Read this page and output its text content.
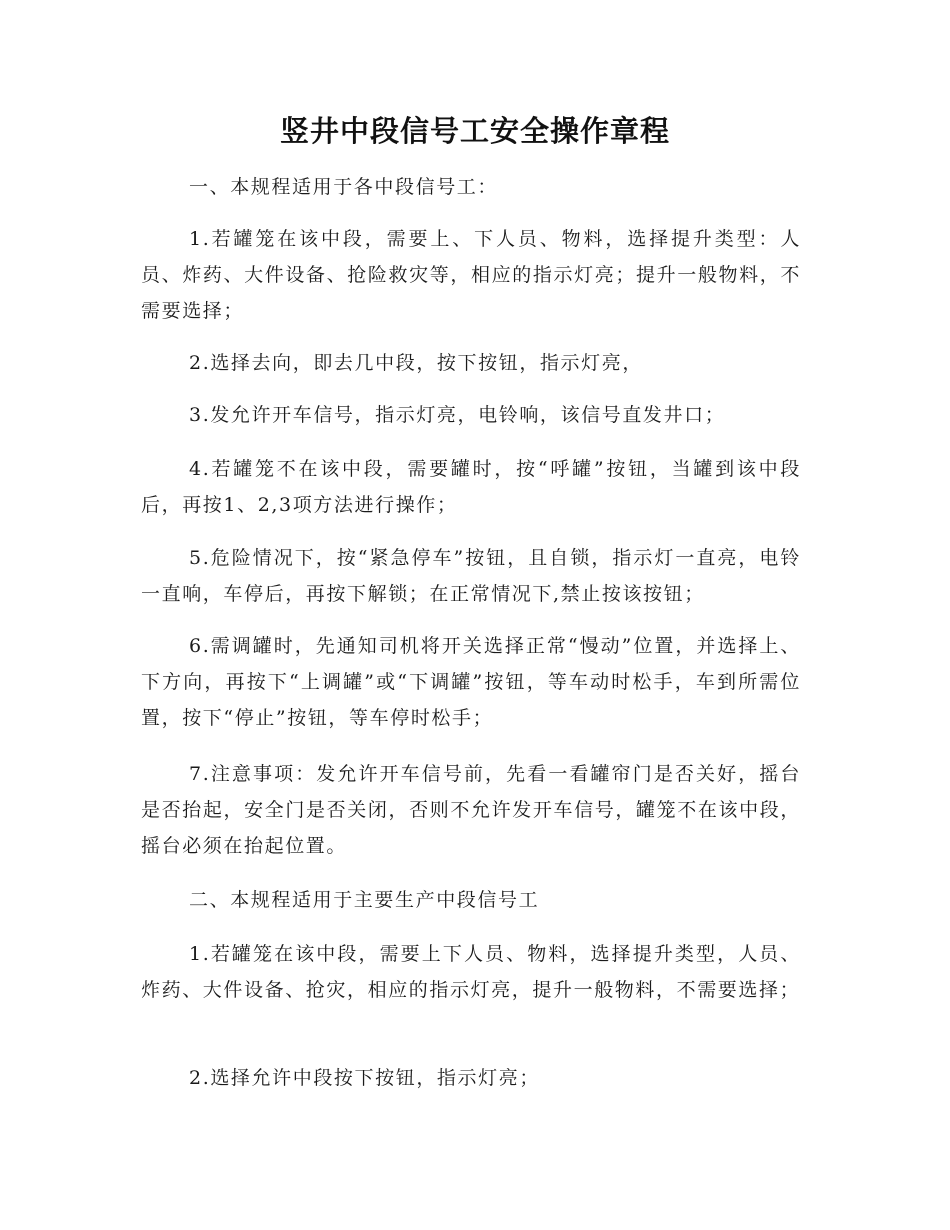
竖井中段信号工安全操作章程

一、本规程适用于各中段信号工：

1.若罐笼在该中段，需要上、下人员、物料，选择提升类型：人员、炸药、大件设备、抢险救灾等，相应的指示灯亮；提升一般物料，不需要选择；

2.选择去向，即去几中段，按下按钮，指示灯亮，

3.发允许开车信号，指示灯亮，电铃响，该信号直发井口；

4.若罐笼不在该中段，需要罐时，按“呼罐”按钮，当罐到该中段后，再按1、2,3项方法进行操作；

5.危险情况下，按“紧急停车”按钮，且自锁，指示灯一直亮，电铃一直响，车停后，再按下解锁；在正常情况下,禁止按该按钮；

6.需调罐时，先通知司机将开关选择正常“慢动”位置，并选择上、下方向，再按下“上调罐”或“下调罐”按钮，等车动时松手，车到所需位置，按下“停止”按钮，等车停时松手；

7.注意事项：发允许开车信号前，先看一看罐帘门是否关好，摇台是否抬起，安全门是否关闭，否则不允许发开车信号，罐笼不在该中段，摇台必须在抬起位置。

二、本规程适用于主要生产中段信号工

1.若罐笼在该中段，需要上下人员、物料，选择提升类型，人员、炸药、大件设备、抢灾，相应的指示灯亮，提升一般物料，不需要选择；

2.选择允许中段按下按钮，指示灯亮；
